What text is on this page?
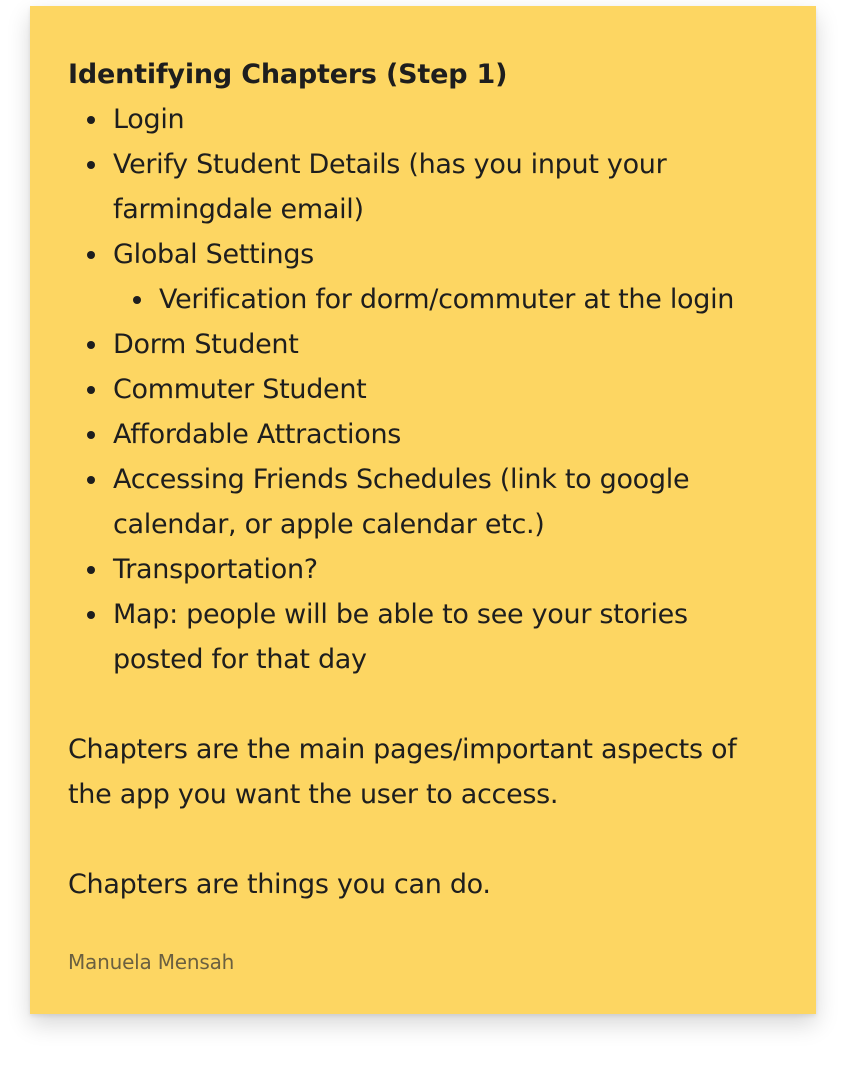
Identifying Chapters (Step 1)
Login
Verify Student Details (has you input your farmingdale email)
Global Settings
Verification for dorm/commuter at the login
Dorm Student
Commuter Student
Affordable Attractions
Accessing Friends Schedules (link to google calendar, or apple calendar etc.)
Transportation?
Map: people will be able to see your stories posted for that day

Chapters are the main pages/important aspects of the app you want the user to access.

Chapters are things you can do.

Manuela Mensah
